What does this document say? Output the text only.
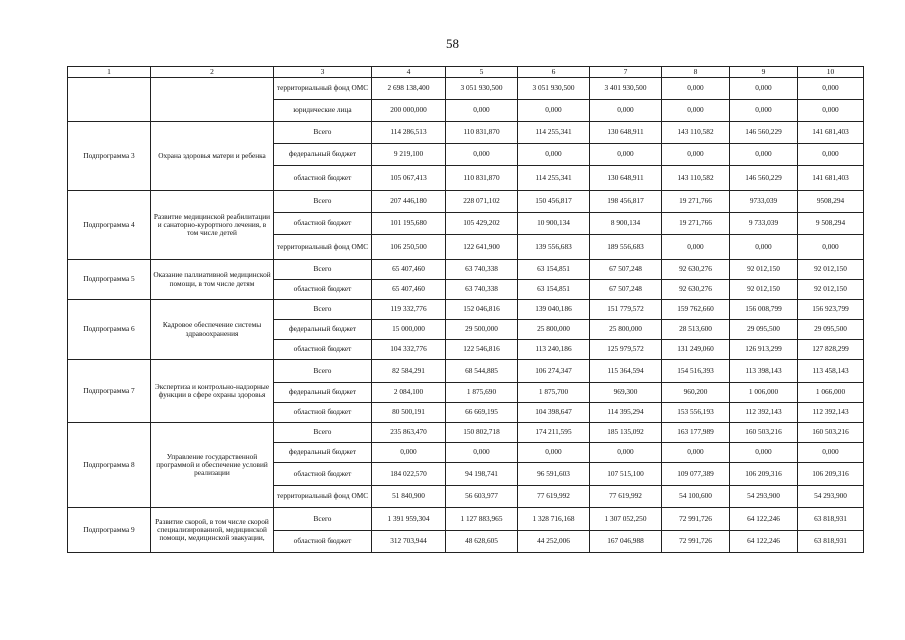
58
1	2	3	4	5	6	7	8	9	10
		территориальный фонд ОМС	2 698 138,400	3 051 930,500	3 051 930,500	3 401 930,500	0,000	0,000	0,000
		юридические лица	200 000,000	0,000	0,000	0,000	0,000	0,000	0,000
Подпрограмма 3	Охрана здоровья матери и ребенка	Всего	114 286,513	110 831,870	114 255,341	130 648,911	143 110,582	146 560,229	141 681,403
		федеральный бюджет	9 219,100	0,000	0,000	0,000	0,000	0,000	0,000
		областной бюджет	105 067,413	110 831,870	114 255,341	130 648,911	143 110,582	146 560,229	141 681,403
Подпрограмма 4	Развитие медицинской реабилитации и санаторно-курортного лечения, в том числе детей	Всего	207 446,180	228 071,102	150 456,817	198 456,817	19 271,766	9733,039	9508,294
		областной бюджет	101 195,680	105 429,202	10 900,134	8 900,134	19 271,766	9 733,039	9 508,294
		территориальный фонд ОМС	106 250,500	122 641,900	139 556,683	189 556,683	0,000	0,000	0,000
Подпрограмма 5	Оказание паллиативной медицинской помощи, в том числе детям	Всего	65 407,460	63 740,338	63 154,851	67 507,248	92 630,276	92 012,150	92 012,150
		областной бюджет	65 407,460	63 740,338	63 154,851	67 507,248	92 630,276	92 012,150	92 012,150
Подпрограмма 6	Кадровое обеспечение системы здравоохранения	Всего	119 332,776	152 046,816	139 040,186	151 779,572	159 762,660	156 008,799	156 923,799
		федеральный бюджет	15 000,000	29 500,000	25 800,000	25 800,000	28 513,600	29 095,500	29 095,500
		областной бюджет	104 332,776	122 546,816	113 240,186	125 979,572	131 249,060	126 913,299	127 828,299
Подпрограмма 7	Экспертиза и контрольно-надзорные функции в сфере охраны здоровья	Всего	82 584,291	68 544,885	106 274,347	115 364,594	154 516,393	113 398,143	113 458,143
		федеральный бюджет	2 084,100	1 875,690	1 875,700	969,300	960,200	1 006,000	1 066,000
		областной бюджет	80 500,191	66 669,195	104 398,647	114 395,294	153 556,193	112 392,143	112 392,143
Подпрограмма 8	Управление государственной программой и обеспечение условий реализации	Всего	235 863,470	150 802,718	174 211,595	185 135,092	163 177,989	160 503,216	160 503,216
		федеральный бюджет	0,000	0,000	0,000	0,000	0,000	0,000	0,000
		областной бюджет	184 022,570	94 198,741	96 591,603	107 515,100	109 077,389	106 209,316	106 209,316
		территориальный фонд ОМС	51 840,900	56 603,977	77 619,992	77 619,992	54 100,600	54 293,900	54 293,900
Подпрограмма 9	Развитие скорой, в том числе скорой специализированной, медицинской помощи, медицинской эвакуации,	Всего	1 391 959,304	1 127 883,965	1 328 716,168	1 307 052,250	72 991,726	64 122,246	63 818,931
		областной бюджет	312 703,944	48 628,605	44 252,006	167 046,988	72 991,726	64 122,246	63 818,931
